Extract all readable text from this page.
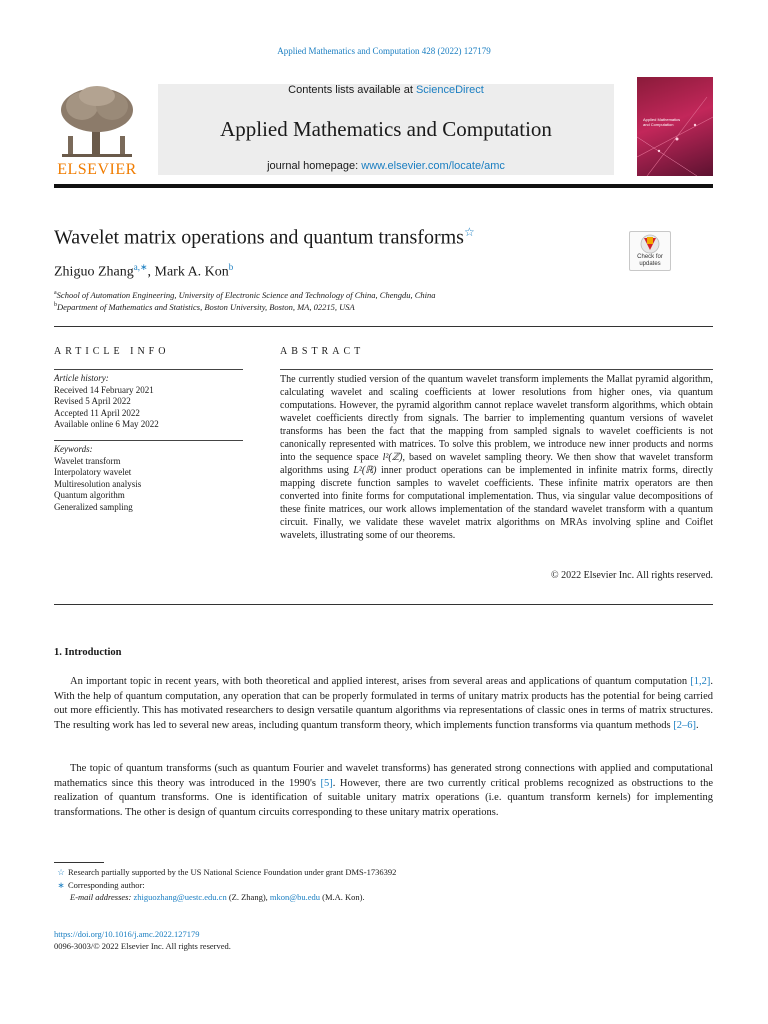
Applied Mathematics and Computation 428 (2022) 127179
ELSEVIER
Contents lists available at ScienceDirect
Applied Mathematics and Computation
journal homepage: www.elsevier.com/locate/amc
Applied Mathematics
and Computation
Wavelet matrix operations and quantum transforms☆
Check for
updates
Zhiguo Zhang$^{a,∗}$, Mark A. Kon$^b$
$^a$School of Automation Engineering, University of Electronic Science and Technology of China, Chengdu, China
$^b$Department of Mathematics and Statistics, Boston University, Boston, MA, 02215, USA
ARTICLE INFO	ABSTRACT
Article history:
Received 14 February 2021
Revised 5 April 2022
Accepted 11 April 2022
Available online 6 May 2022
Keywords:
Wavelet transform
Interpolatory wavelet
Multiresolution analysis
Quantum algorithm
Generalized sampling
The currently studied version of the quantum wavelet transform implements the Mallat pyramid algorithm, calculating wavelet and scaling coefficients at lower resolutions from higher ones, via quantum computations. However, the pyramid algorithm cannot replace wavelet transform algorithms, which obtain wavelet coefficients directly from signals. The barrier to implementing quantum versions of wavelet transforms has been the fact that the mapping from sampled signals to wavelet coefficients is not canonically represented with matrices. To solve this problem, we introduce new inner products and norms into the sequence space l²(ℤ), based on wavelet sampling theory. We then show that wavelet transform algorithms using L²(ℝ) inner product operations can be implemented in infinite matrix forms, directly mapping discrete function samples to wavelet coefficients. These infinite matrix operators are then converted into finite forms for computational implementation. Thus, via singular value decompositions of these finite matrices, our work allows implementation of the standard wavelet transform with a quantum circuit. Finally, we validate these wavelet matrix algorithms on MRAs involving spline and Coiflet wavelets, illustrating some of our theorems.
© 2022 Elsevier Inc. All rights reserved.
1. Introduction
An important topic in recent years, with both theoretical and applied interest, arises from several areas and applications of quantum computation [1,2]. With the help of quantum computation, any operation that can be properly formulated in terms of unitary matrix products has the potential for being carried out more efficiently. This has motivated researchers to design versatile quantum algorithms via representations of classic ones in terms of matrix structures. The resulting work has led to several new areas, including quantum transform theory, which implements function transforms via quantum methods [2–6].
The topic of quantum transforms (such as quantum Fourier and wavelet transforms) has generated strong connections with applied and computational mathematics since this theory was introduced in the 1990's [5]. However, there are two currently critical problems recognized as obstructions to the realization of quantum transforms. One is identification of suitable unitary matrix operations (i.e. quantum transform kernels) for implementing transformations. The other is design of quantum circuits corresponding to these unitary matrix operations.
☆ Research partially supported by the US National Science Foundation under grant DMS-1736392
∗ Corresponding author:
E-mail addresses: zhiguozhang@uestc.edu.cn (Z. Zhang), mkon@bu.edu (M.A. Kon).
https://doi.org/10.1016/j.amc.2022.127179
0096-3003/© 2022 Elsevier Inc. All rights reserved.
